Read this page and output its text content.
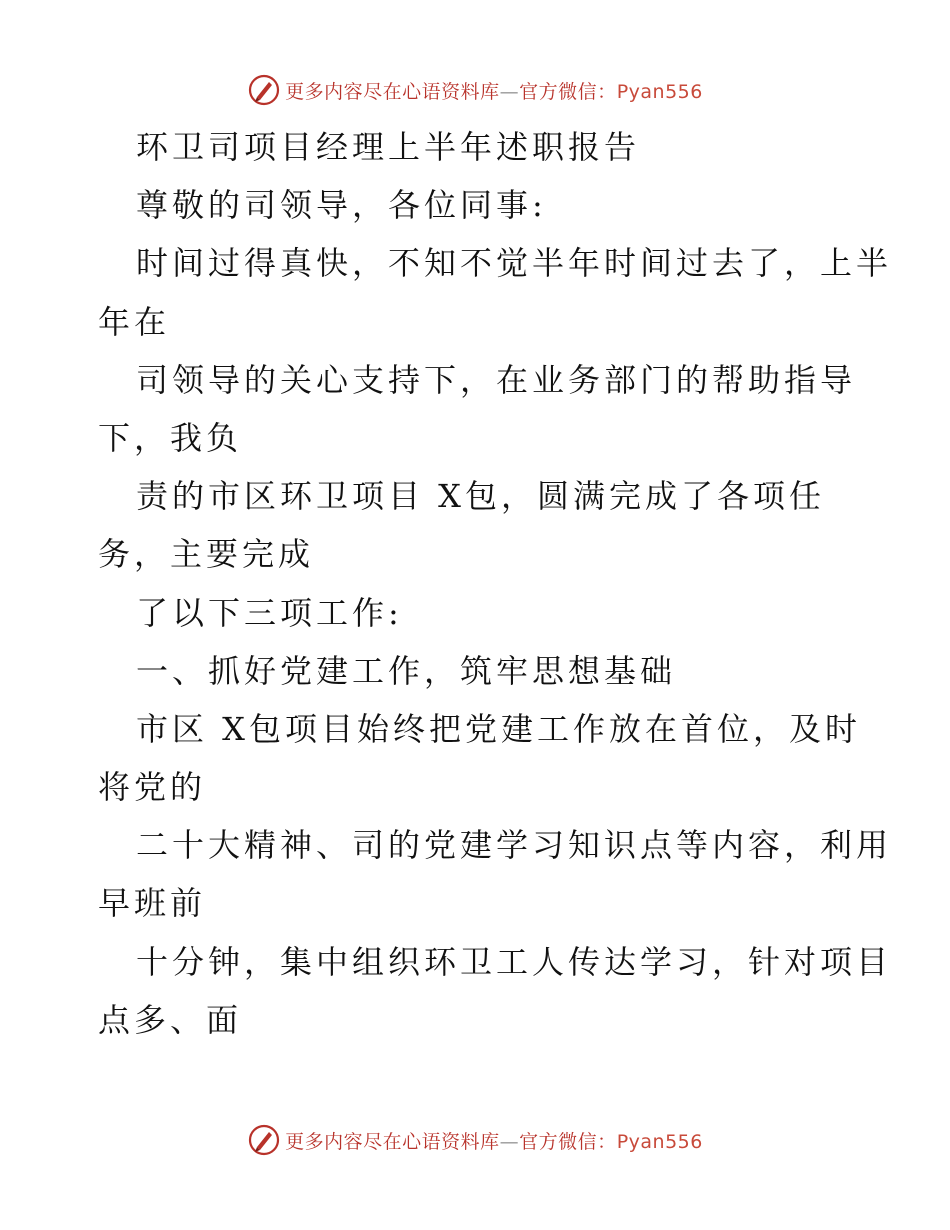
更多内容尽在心语资料库—官方微信：Pyan556

环卫司项目经理上半年述职报告

尊敬的司领导，各位同事:

时间过得真快，不知不觉半年时间过去了，上半

年在

司领导的关心支持下，在业务部门的帮助指导

下，我负

责的市区环卫项目 X包，圆满完成了各项任

务，主要完成

了以下三项工作:

一、抓好党建工作，筑牢思想基础

市区 X包项目始终把党建工作放在首位，及时

将党的

二十大精神、司的党建学习知识点等内容，利用

早班前

十分钟，集中组织环卫工人传达学习，针对项目

点多、面

更多内容尽在心语资料库—官方微信：Pyan556
